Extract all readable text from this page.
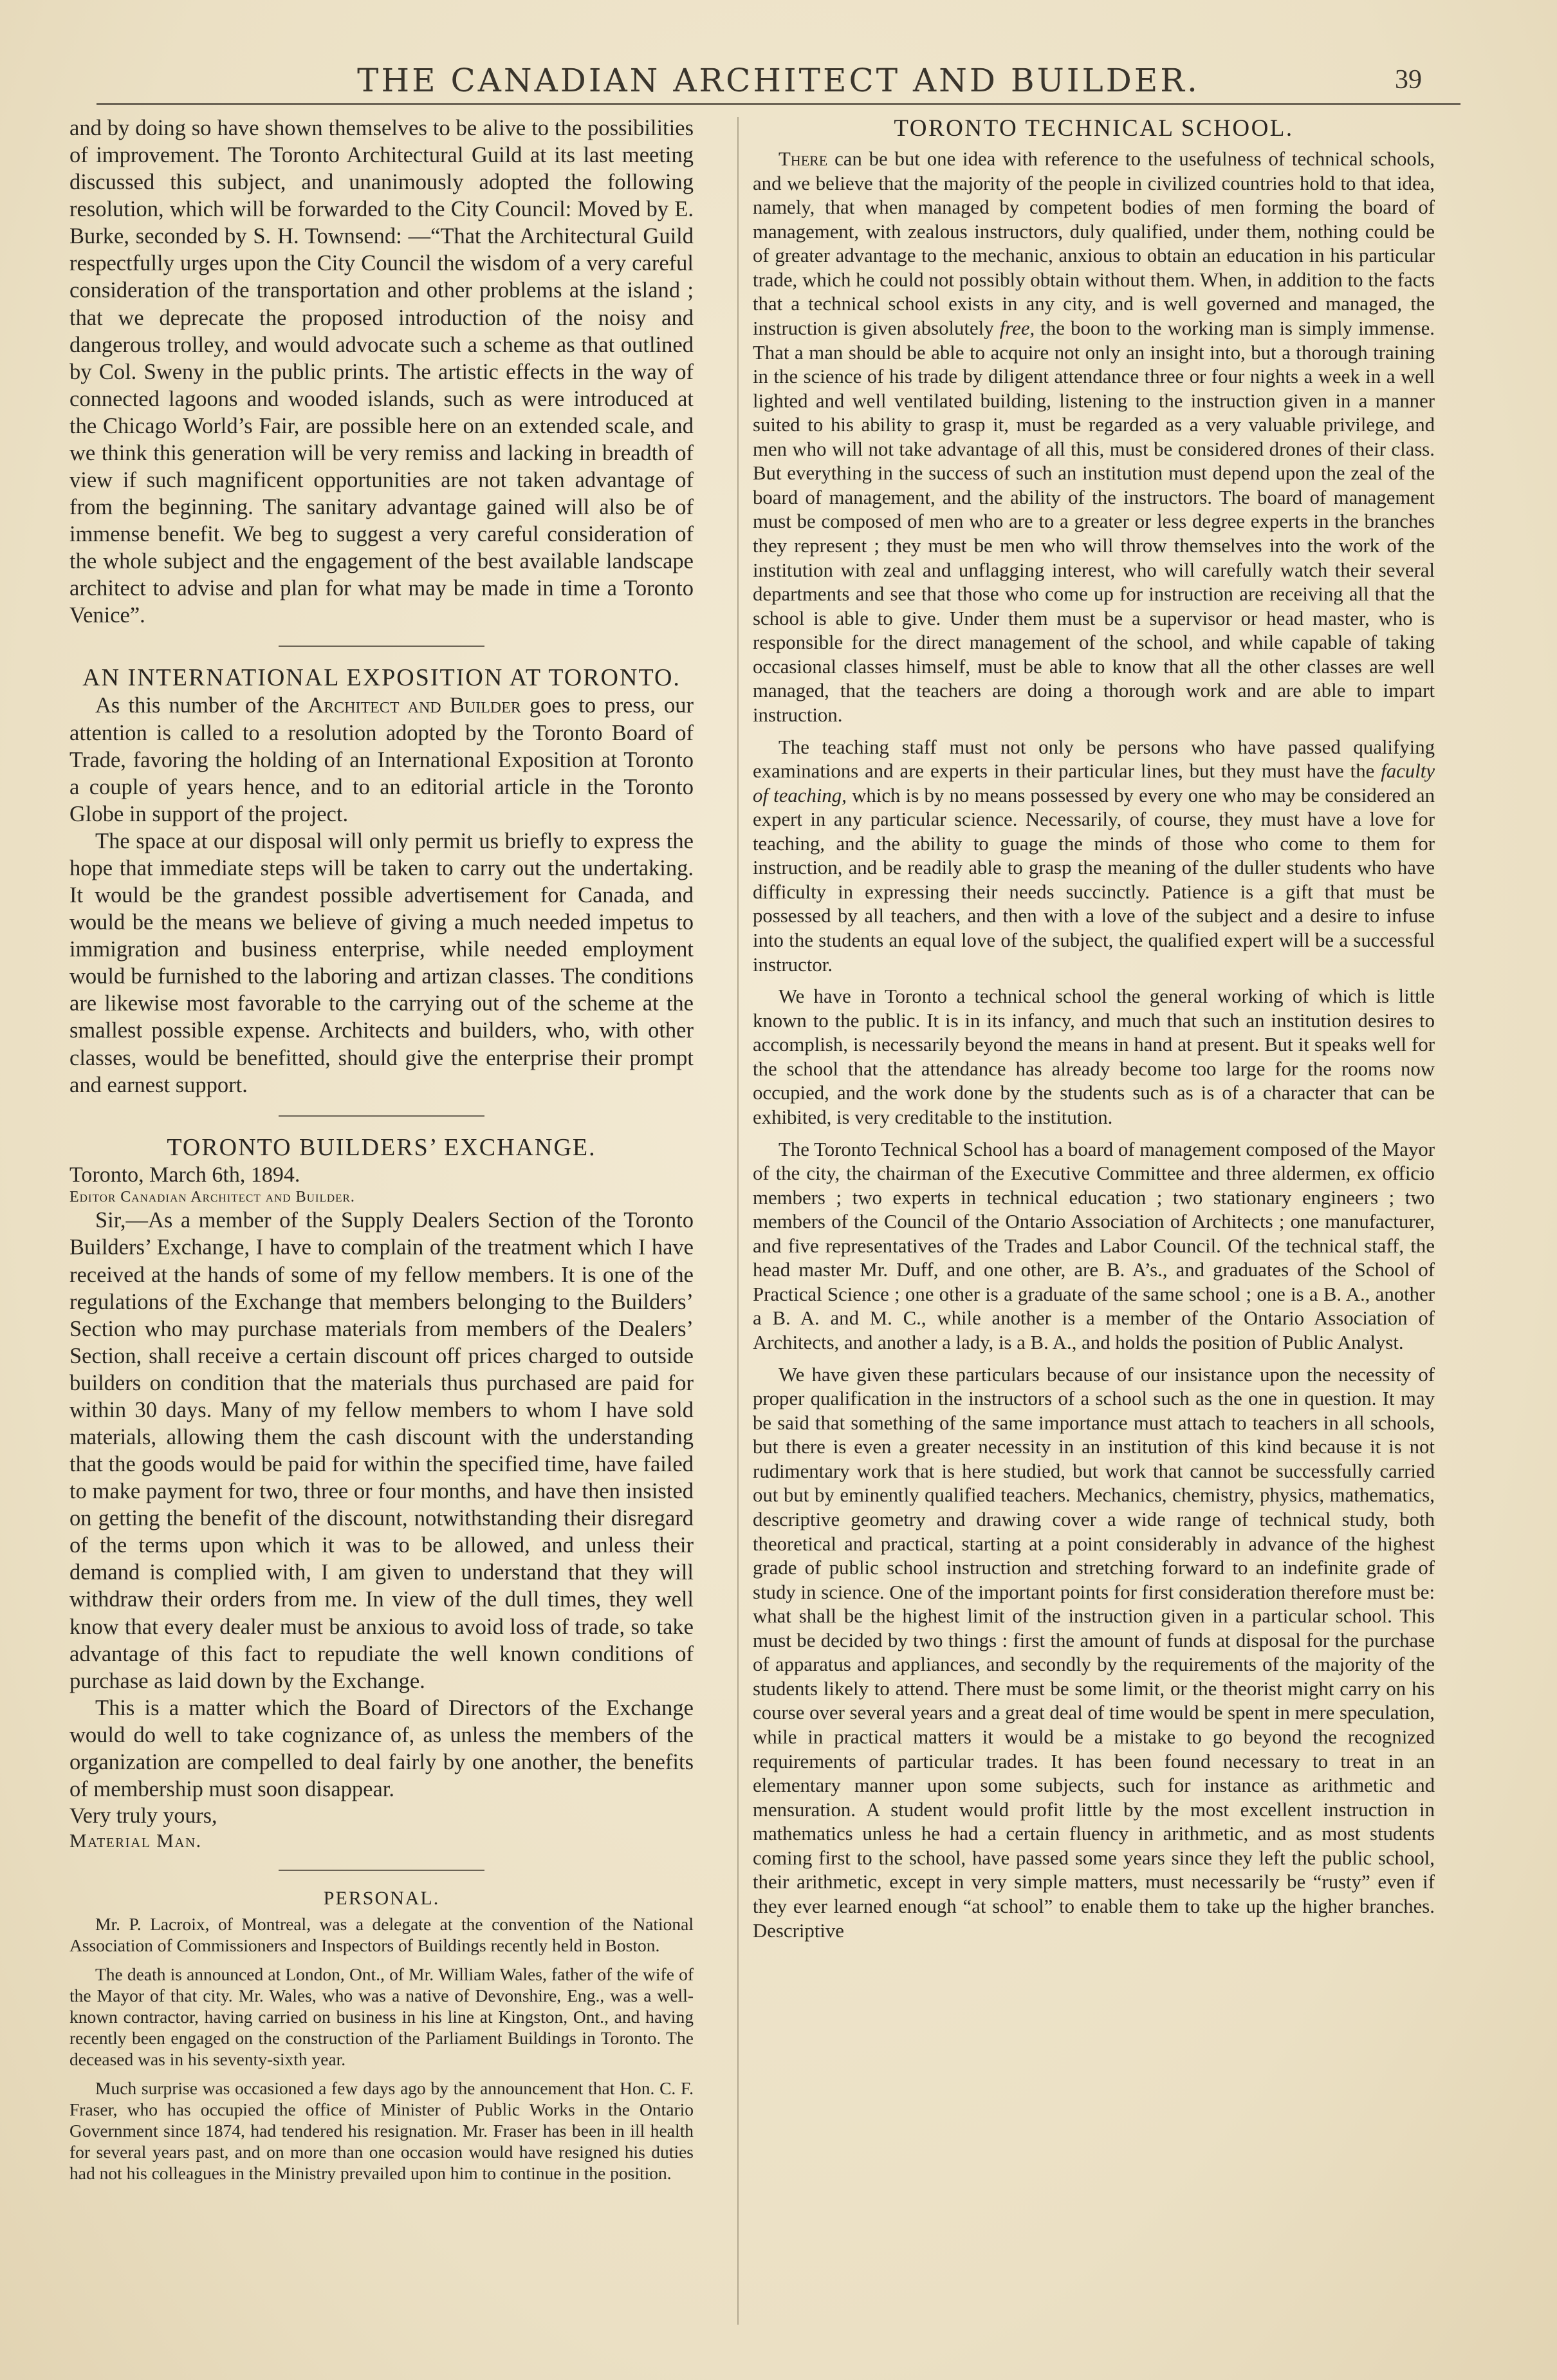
THE CANADIAN ARCHITECT AND BUILDER.	39

and by doing so have shown themselves to be alive to the possibilities of improvement. The Toronto Architectural Guild at its last meeting discussed this subject, and unanimously adopted the following resolution, which will be forwarded to the City Council: Moved by E. Burke, seconded by S. H. Townsend: —“That the Architectural Guild respectfully urges upon the City Council the wisdom of a very careful consideration of the transportation and other problems at the island ; that we deprecate the proposed introduction of the noisy and dangerous trolley, and would advocate such a scheme as that outlined by Col. Sweny in the public prints. The artistic effects in the way of connected lagoons and wooded islands, such as were introduced at the Chicago World’s Fair, are possible here on an extended scale, and we think this generation will be very remiss and lacking in breadth of view if such magnificent opportunities are not taken advantage of from the beginning. The sanitary advantage gained will also be of immense benefit. We beg to suggest a very careful consideration of the whole subject and the engagement of the best available landscape architect to advise and plan for what may be made in time a Toronto Venice”.

AN INTERNATIONAL EXPOSITION AT TORONTO.

As this number of the Architect and Builder goes to press, our attention is called to a resolution adopted by the Toronto Board of Trade, favoring the holding of an International Exposition at Toronto a couple of years hence, and to an editorial article in the Toronto Globe in support of the project.

The space at our disposal will only permit us briefly to express the hope that immediate steps will be taken to carry out the undertaking. It would be the grandest possible advertisement for Canada, and would be the means we believe of giving a much needed impetus to immigration and business enterprise, while needed employment would be furnished to the laboring and artizan classes. The conditions are likewise most favorable to the carrying out of the scheme at the smallest possible expense. Architects and builders, who, with other classes, would be benefitted, should give the enterprise their prompt and earnest support.

TORONTO BUILDERS’ EXCHANGE.

Toronto, March 6th, 1894.

Editor Canadian Architect and Builder.

Sir,—As a member of the Supply Dealers Section of the Toronto Builders’ Exchange, I have to complain of the treatment which I have received at the hands of some of my fellow members. It is one of the regulations of the Exchange that members belonging to the Builders’ Section who may purchase materials from members of the Dealers’ Section, shall receive a certain discount off prices charged to outside builders on condition that the materials thus purchased are paid for within 30 days. Many of my fellow members to whom I have sold materials, allowing them the cash discount with the understanding that the goods would be paid for within the specified time, have failed to make payment for two, three or four months, and have then insisted on getting the benefit of the discount, notwithstanding their disregard of the terms upon which it was to be allowed, and unless their demand is complied with, I am given to understand that they will withdraw their orders from me. In view of the dull times, they well know that every dealer must be anxious to avoid loss of trade, so take advantage of this fact to repudiate the well known conditions of purchase as laid down by the Exchange.

This is a matter which the Board of Directors of the Exchange would do well to take cognizance of, as unless the members of the organization are compelled to deal fairly by one another, the benefits of membership must soon disappear.

Very truly yours,

Material Man.

PERSONAL.

Mr. P. Lacroix, of Montreal, was a delegate at the convention of the National Association of Commissioners and Inspectors of Buildings recently held in Boston.

The death is announced at London, Ont., of Mr. William Wales, father of the wife of the Mayor of that city. Mr. Wales, who was a native of Devonshire, Eng., was a well-known contractor, having carried on business in his line at Kingston, Ont., and having recently been engaged on the construction of the Parliament Buildings in Toronto. The deceased was in his seventy-sixth year.

Much surprise was occasioned a few days ago by the announcement that Hon. C. F. Fraser, who has occupied the office of Minister of Public Works in the Ontario Government since 1874, had tendered his resignation. Mr. Fraser has been in ill health for several years past, and on more than one occasion would have resigned his duties had not his colleagues in the Ministry prevailed upon him to continue in the position.

TORONTO TECHNICAL SCHOOL.

There can be but one idea with reference to the usefulness of technical schools, and we believe that the majority of the people in civilized countries hold to that idea, namely, that when managed by competent bodies of men forming the board of management, with zealous instructors, duly qualified, under them, nothing could be of greater advantage to the mechanic, anxious to obtain an education in his particular trade, which he could not possibly obtain without them. When, in addition to the facts that a technical school exists in any city, and is well governed and managed, the instruction is given absolutely free, the boon to the working man is simply immense. That a man should be able to acquire not only an insight into, but a thorough training in the science of his trade by diligent attendance three or four nights a week in a well lighted and well ventilated building, listening to the instruction given in a manner suited to his ability to grasp it, must be regarded as a very valuable privilege, and men who will not take advantage of all this, must be considered drones of their class. But everything in the success of such an institution must depend upon the zeal of the board of management, and the ability of the instructors. The board of management must be composed of men who are to a greater or less degree experts in the branches they represent ; they must be men who will throw themselves into the work of the institution with zeal and unflagging interest, who will carefully watch their several departments and see that those who come up for instruction are receiving all that the school is able to give. Under them must be a supervisor or head master, who is responsible for the direct management of the school, and while capable of taking occasional classes himself, must be able to know that all the other classes are well managed, that the teachers are doing a thorough work and are able to impart instruction.

The teaching staff must not only be persons who have passed qualifying examinations and are experts in their particular lines, but they must have the faculty of teaching, which is by no means possessed by every one who may be considered an expert in any particular science. Necessarily, of course, they must have a love for teaching, and the ability to guage the minds of those who come to them for instruction, and be readily able to grasp the meaning of the duller students who have difficulty in expressing their needs succinctly. Patience is a gift that must be possessed by all teachers, and then with a love of the subject and a desire to infuse into the students an equal love of the subject, the qualified expert will be a successful instructor.

We have in Toronto a technical school the general working of which is little known to the public. It is in its infancy, and much that such an institution desires to accomplish, is necessarily beyond the means in hand at present. But it speaks well for the school that the attendance has already become too large for the rooms now occupied, and the work done by the students such as is of a character that can be exhibited, is very creditable to the institution.

The Toronto Technical School has a board of management composed of the Mayor of the city, the chairman of the Executive Committee and three aldermen, ex officio members ; two experts in technical education ; two stationary engineers ; two members of the Council of the Ontario Association of Architects ; one manufacturer, and five representatives of the Trades and Labor Council. Of the technical staff, the head master Mr. Duff, and one other, are B. A’s., and graduates of the School of Practical Science ; one other is a graduate of the same school ; one is a B. A., another a B. A. and M. C., while another is a member of the Ontario Association of Architects, and another a lady, is a B. A., and holds the position of Public Analyst.

We have given these particulars because of our insistance upon the necessity of proper qualification in the instructors of a school such as the one in question. It may be said that something of the same importance must attach to teachers in all schools, but there is even a greater necessity in an institution of this kind because it is not rudimentary work that is here studied, but work that cannot be successfully carried out but by eminently qualified teachers. Mechanics, chemistry, physics, mathematics, descriptive geometry and drawing cover a wide range of technical study, both theoretical and practical, starting at a point considerably in advance of the highest grade of public school instruction and stretching forward to an indefinite grade of study in science. One of the important points for first consideration therefore must be: what shall be the highest limit of the instruction given in a particular school. This must be decided by two things : first the amount of funds at disposal for the purchase of apparatus and appliances, and secondly by the requirements of the majority of the students likely to attend. There must be some limit, or the theorist might carry on his course over several years and a great deal of time would be spent in mere speculation, while in practical matters it would be a mistake to go beyond the recognized requirements of particular trades. It has been found necessary to treat in an elementary manner upon some subjects, such for instance as arithmetic and mensuration. A student would profit little by the most excellent instruction in mathematics unless he had a certain fluency in arithmetic, and as most students coming first to the school, have passed some years since they left the public school, their arithmetic, except in very simple matters, must necessarily be “rusty” even if they ever learned enough “at school” to enable them to take up the higher branches. Descriptive
